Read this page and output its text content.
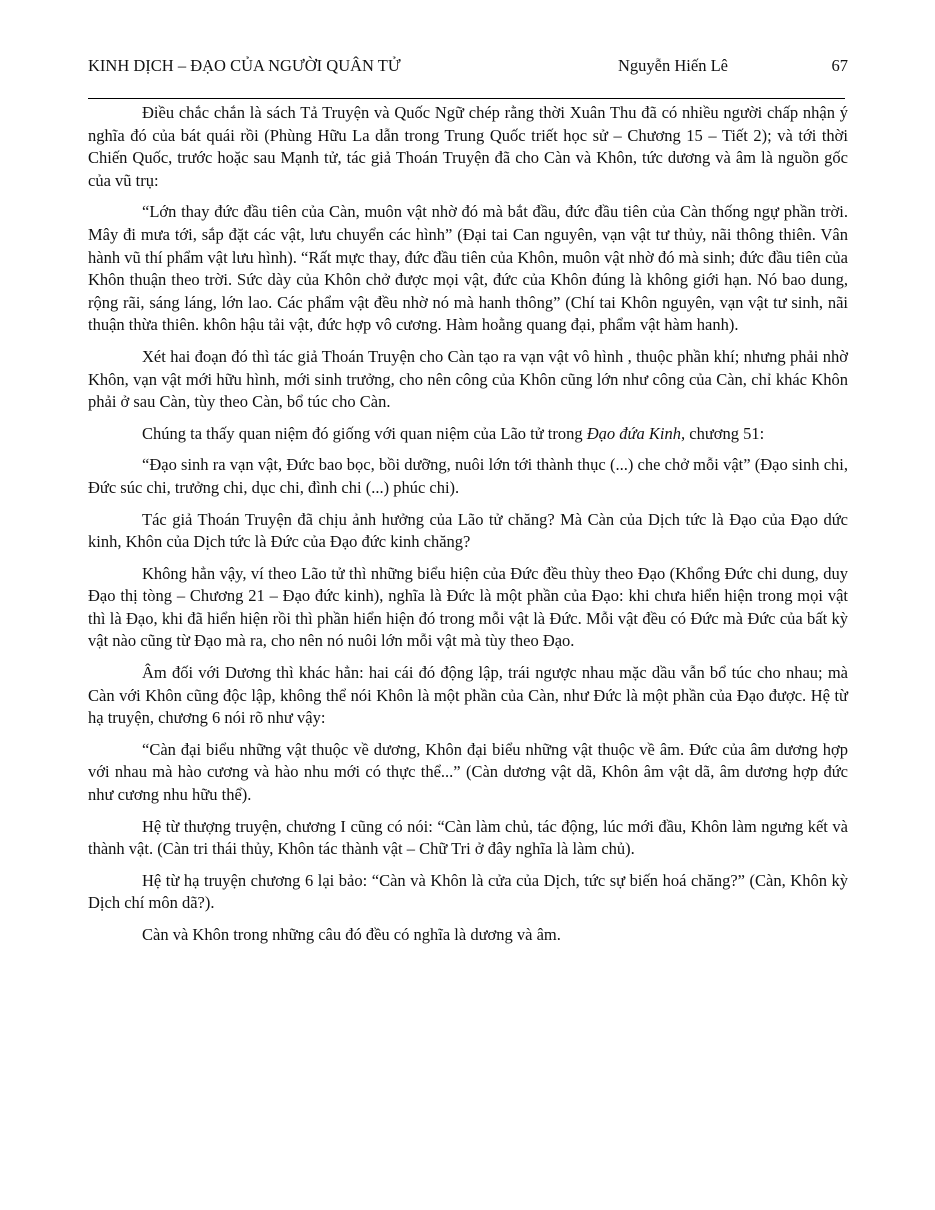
KINH DỊCH – ĐẠO CỦA NGƯỜI QUÂN TỬ	Nguyễn Hiến Lê	67

Điều chắc chắn là sách Tả Truyện và Quốc Ngữ chép rằng thời Xuân Thu đã có nhiều người chấp nhận ý nghĩa đó của bát quái rồi (Phùng Hữu La dẫn trong Trung Quốc triết học sử – Chương 15 – Tiết 2); và tới thời Chiến Quốc, trước hoặc sau Mạnh tử, tác giả Thoán Truyện đã cho Càn và Khôn, tức dương và âm là nguồn gốc của vũ trụ:

“Lớn thay đức đầu tiên của Càn, muôn vật nhờ đó mà bắt đầu, đức đầu tiên của Càn thống ngự phần trời. Mây đi mưa tới, sắp đặt các vật, lưu chuyển các hình” (Đại tai Can nguyên, vạn vật tư thủy, nãi thông thiên. Vân hành vũ thí phẩm vật lưu hình). “Rất mực thay, đức đầu tiên của Khôn, muôn vật nhờ đó mà sinh; đức đầu tiên của Khôn thuận theo trời. Sức dày của Khôn chở được mọi vật, đức của Khôn đúng là không giới hạn. Nó bao dung, rộng rãi, sáng láng, lớn lao. Các phẩm vật đều nhờ nó mà hanh thông” (Chí tai Khôn nguyên, vạn vật tư sinh, nãi thuận thừa thiên. khôn hậu tải vật, đức hợp vô cương. Hàm hoằng quang đại, phẩm vật hàm hanh).

Xét hai đoạn đó thì tác giả Thoán Truyện cho Càn tạo ra vạn vật vô hình , thuộc phần khí; nhưng phải nhờ Khôn, vạn vật mới hữu hình, mới sinh trưởng, cho nên công của Khôn cũng lớn như công của Càn, chỉ khác Khôn phải ở sau Càn, tùy theo Càn, bổ túc cho Càn.

Chúng ta thấy quan niệm đó giống với quan niệm của Lão tử trong Đạo đứa Kinh, chương 51:

“Đạo sinh ra vạn vật, Đức bao bọc, bồi dưỡng, nuôi lớn tới thành thục (...) che chở mỗi vật” (Đạo sinh chi, Đức súc chi, trưởng chi, dục chi, đình chi (...) phúc chi).

Tác giả Thoán Truyện đã chịu ảnh hưởng của Lão tử chăng? Mà Càn của Dịch tức là Đạo của Đạo dức kinh, Khôn của Dịch tức là Đức của Đạo đức kinh chăng?

Không hẳn vậy, ví theo Lão tử thì những biểu hiện của Đức đều thùy theo Đạo (Khổng Đức chi dung, duy Đạo thị tòng – Chương 21 – Đạo đức kinh), nghĩa là Đức là một phần của Đạo: khi chưa hiển hiện trong mọi vật thì là Đạo, khi đã hiển hiện rồi thì phần hiển hiện đó trong mỗi vật là Đức. Mỗi vật đều có Đức mà Đức của bất kỳ vật nào cũng từ Đạo mà ra, cho nên nó nuôi lớn mỗi vật mà tùy theo Đạo.

Âm đối với Dương thì khác hẳn: hai cái đó động lập, trái ngược nhau mặc dầu vẫn bổ túc cho nhau; mà Càn với Khôn cũng độc lập, không thể nói Khôn là một phần của Càn, như Đức là một phần của Đạo được. Hệ từ hạ truyện, chương 6 nói rõ như vậy:

“Càn đại biểu những vật thuộc về dương, Khôn đại biểu những vật thuộc về âm. Đức của âm dương hợp với nhau mà hào cương và hào nhu mới có thực thể...” (Càn dương vật dã, Khôn âm vật dã, âm dương hợp đức như cương nhu hữu thể).

Hệ từ thượng truyện, chương I cũng có nói: “Càn làm chủ, tác động, lúc mới đầu, Khôn làm ngưng kết và thành vật. (Càn tri thái thủy, Khôn tác thành vật – Chữ Tri ở đây nghĩa là làm chủ).

Hệ từ hạ truyện chương 6 lại bảo: “Càn và Khôn là cửa của Dịch, tức sự biến hoá chăng?” (Càn, Khôn kỳ Dịch chí môn dã?).

Càn và Khôn trong những câu đó đều có nghĩa là dương và âm.
